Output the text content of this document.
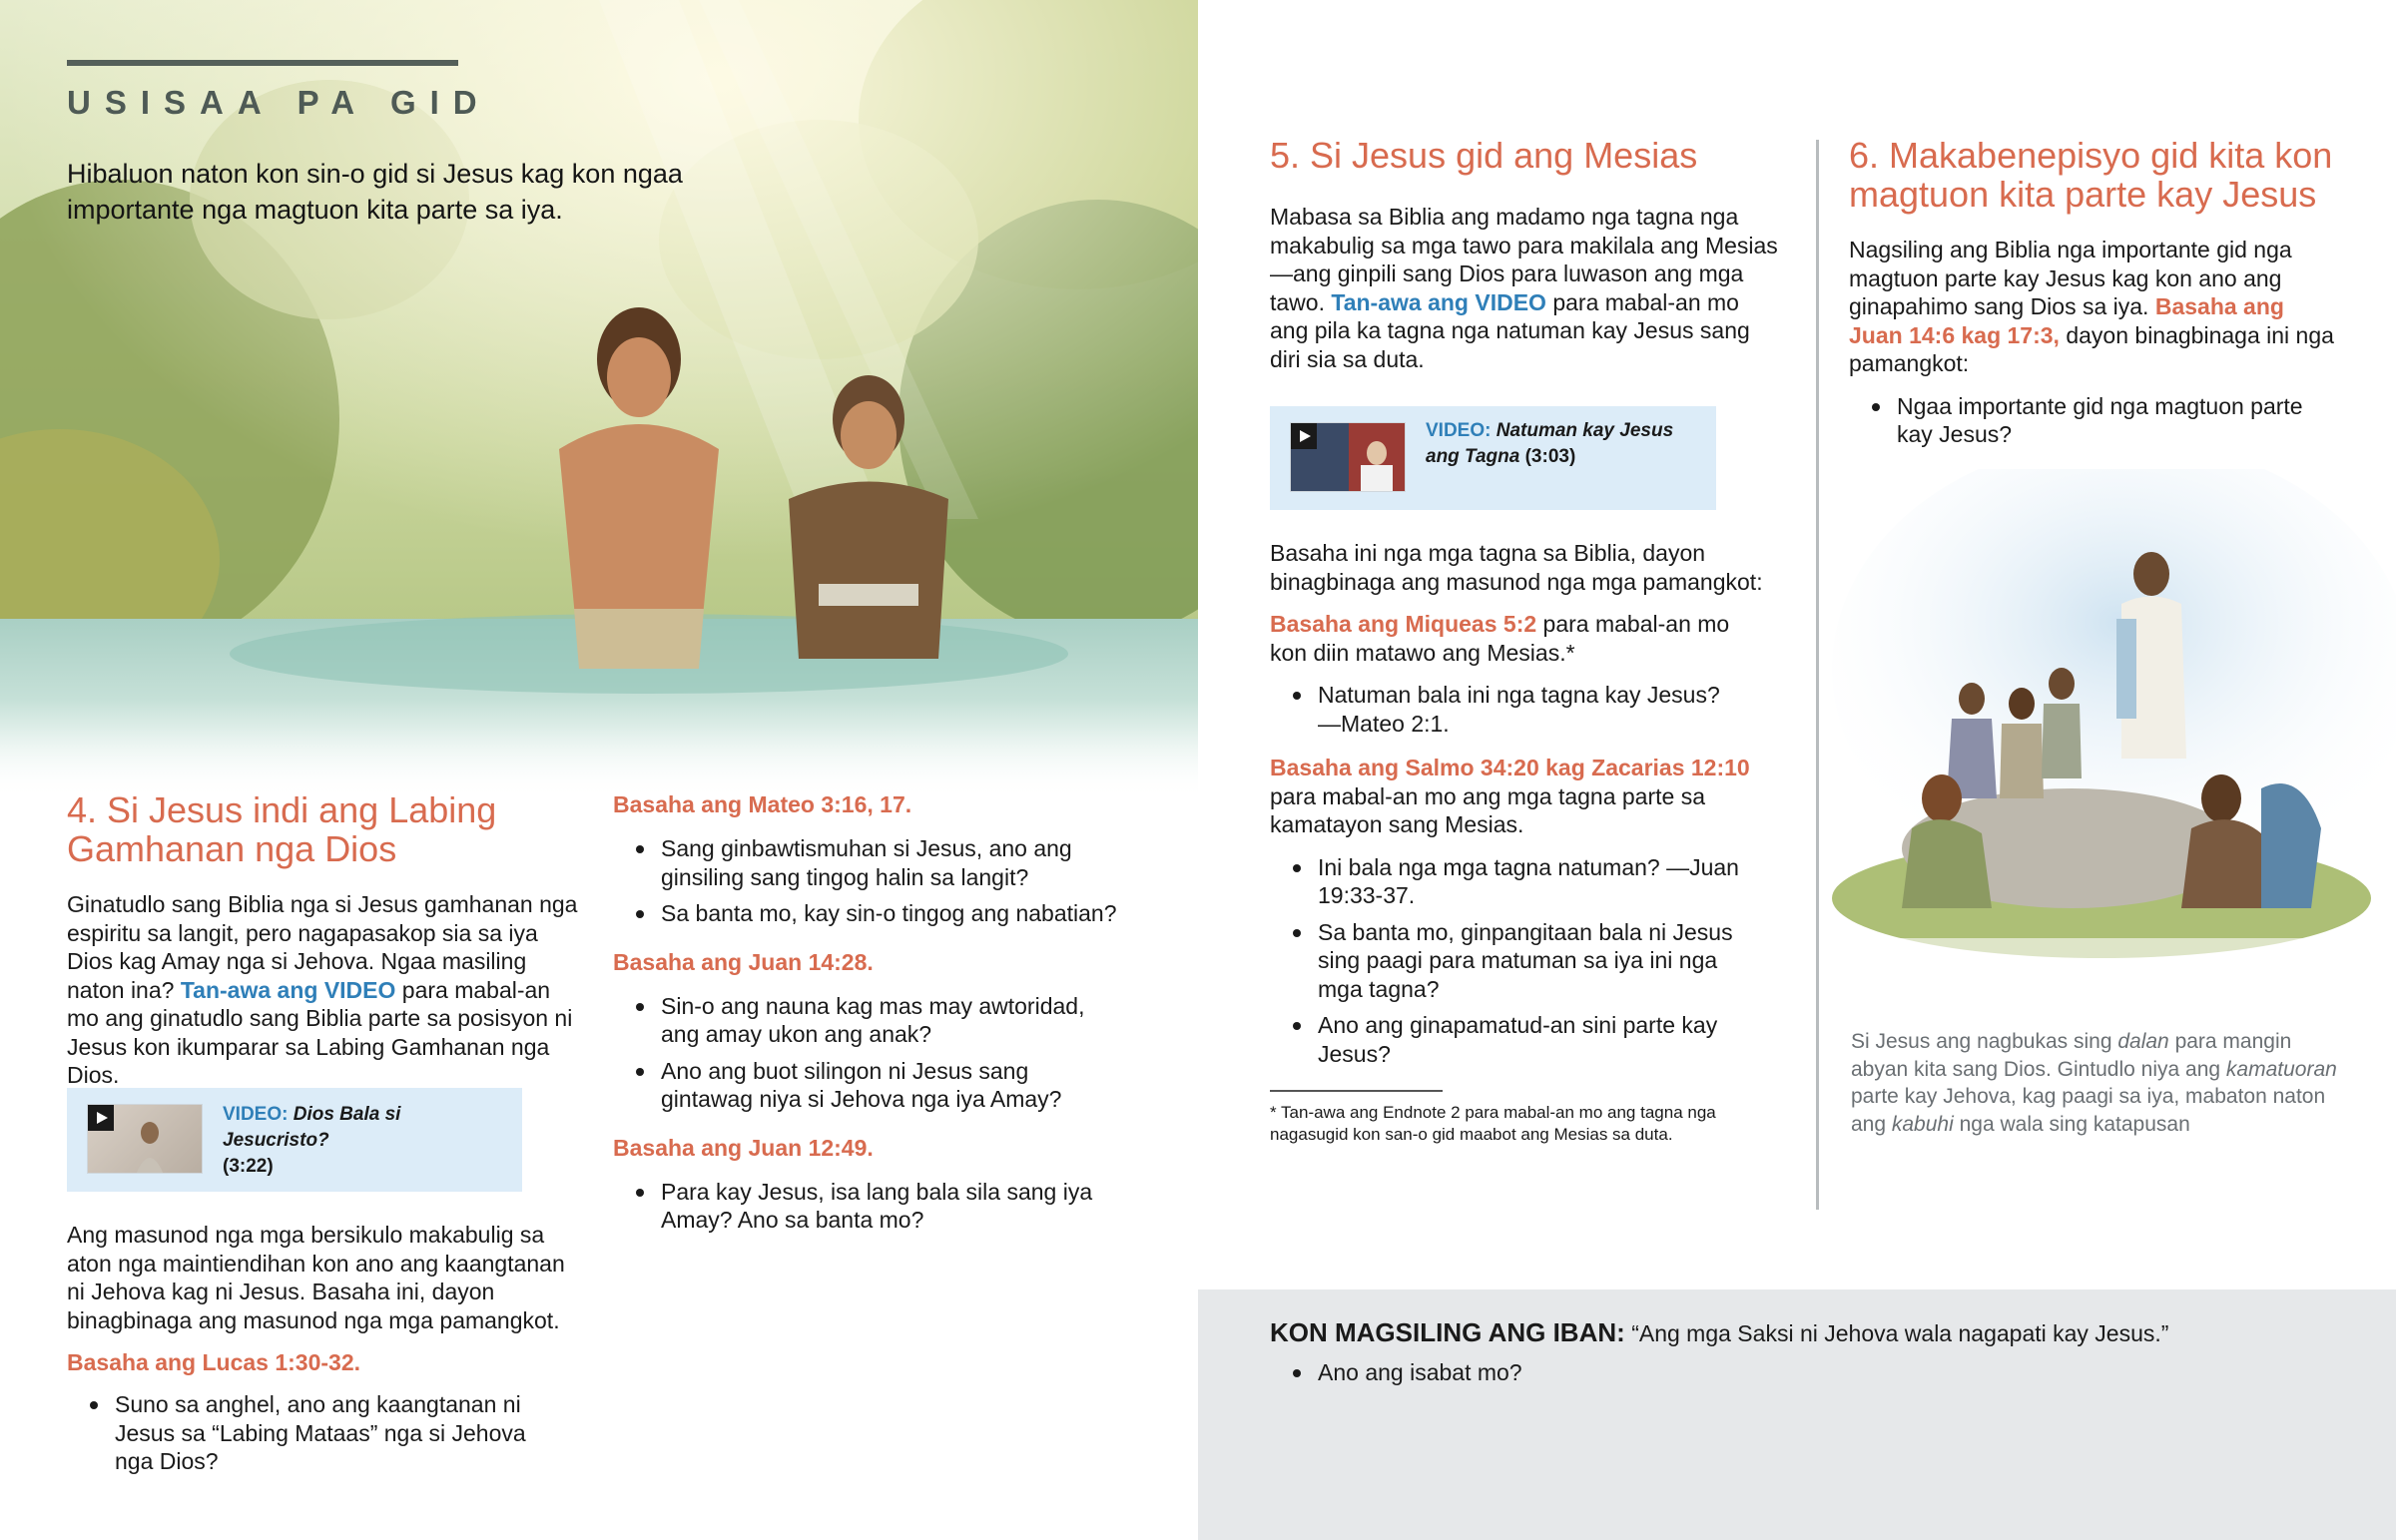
USISAA PA GID
Hibaluon naton kon sin-o gid si Jesus kag kon ngaa importante nga magtuon kita parte sa iya.
4. Si Jesus indi ang Labing
Gamhanan nga Dios

Ginatudlo sang Biblia nga si Jesus gamhanan nga espiritu sa langit, pero nagapasakop sia sa iya Dios kag Amay nga si Jehova. Ngaa masiling naton ina? Tan-awa ang VIDEO para mabal-an mo ang ginatudlo sang Biblia parte sa posisyon ni Jesus kon ikumparar sa Labing Gamhanan nga Dios.

VIDEO: Dios Bala si Jesucristo?
(3:22)

Ang masunod nga mga bersikulo makabulig sa aton nga maintiendihan kon ano ang kaangtanan ni Jehova kag ni Jesus. Basaha ini, dayon binagbinaga ang masunod nga mga pamangkot.

Basaha ang Lucas 1:30-32.

Suno sa anghel, ano ang kaangtanan ni Jesus sa “Labing Mataas” nga si Jehova nga Dios?

Basaha ang Mateo 3:16, 17.

Sang ginbawtismuhan si Jesus, ano ang ginsiling sang tingog halin sa langit?
Sa banta mo, kay sin-o tingog ang nabatian?

Basaha ang Juan 14:28.

Sin-o ang nauna kag mas may awtoridad, ang amay ukon ang anak?
Ano ang buot silingon ni Jesus sang gintawag niya si Jehova nga iya Amay?

Basaha ang Juan 12:49.

Para kay Jesus, isa lang bala sila sang iya Amay? Ano sa banta mo?
5. Si Jesus gid ang Mesias

Mabasa sa Biblia ang madamo nga tagna nga makabulig sa mga tawo para makilala ang Mesias—ang ginpili sang Dios para luwason ang mga tawo. Tan-awa ang VIDEO para mabal-an mo ang pila ka tagna nga natuman kay Jesus sang diri sia sa duta.

VIDEO: Natuman kay Jesus
ang Tagna (3:03)

Basaha ini nga mga tagna sa Biblia, dayon binagbinaga ang masunod nga mga pamangkot:

Basaha ang Miqueas 5:2 para mabal-an mo kon diin matawo ang Mesias.*

Natuman bala ini nga tagna kay Jesus? —Mateo 2:1.

Basaha ang Salmo 34:20 kag Zacarias 12:10 para mabal-an mo ang mga tagna parte sa kamatayon sang Mesias.

Ini bala nga mga tagna natuman? —Juan 19:33-37.
Sa banta mo, ginpangitaan bala ni Jesus sing paagi para matuman sa iya ini nga mga tagna?
Ano ang ginapamatud-an sini parte kay Jesus?
* Tan-awa ang Endnote 2 para mabal-an mo ang tagna nga nagasugid kon san-o gid maabot ang Mesias sa duta.
6. Makabenepisyo gid kita kon
magtuon kita parte kay Jesus

Nagsiling ang Biblia nga importante gid nga magtuon parte kay Jesus kag kon ano ang ginapahimo sang Dios sa iya. Basaha ang Juan 14:6 kag 17:3, dayon binagbinaga ini nga pamangkot:

Ngaa importante gid nga magtuon parte kay Jesus?
Si Jesus ang nagbukas sing dalan para mangin abyan kita sang Dios. Gintudlo niya ang kamatuoran parte kay Jehova, kag paagi sa iya, mabaton naton ang kabuhi nga wala sing katapusan
KON MAGSILING ANG IBAN: “Ang mga Saksi ni Jehova wala nagapati kay Jesus.”
Ano ang isabat mo?
